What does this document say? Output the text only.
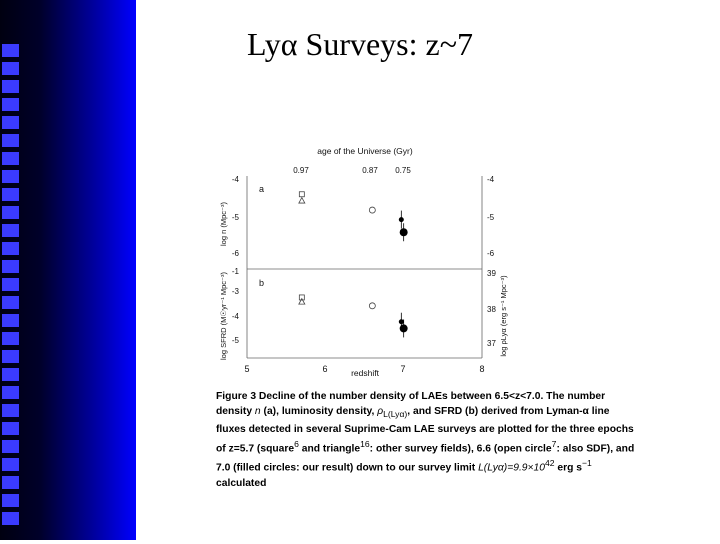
Lyα Surveys: z~7
age of the Universe (Gyr)
0.97	0.87 0.75
-4
-5
-6
-1
-3
-4
-5
-4
-5
-6
39
38
37
log n (Mpc⁻³)
log SFRD (M☉yr⁻¹ Mpc⁻³)	log ρLyα (erg s⁻¹ Mpc⁻³)
a
b
5	6	7	8
redshift
Figure 3 Decline of the number density of LAEs between 6.5<z<7.0. The number density n (a), luminosity density, $\rho_{L(Ly\alpha)}$, and SFRD (b) derived from Lyman-α line fluxes detected in several Suprime-Cam LAE surveys are plotted for the three epochs of z=5.7 (square$^6$ and triangle$^{16}$: other survey fields), 6.6 (open circle$^7$: also SDF), and 7.0 (filled circles: our result) down to our survey limit $L(Ly\alpha)=9.9\times 10^{42}$ erg $s^{-1}$ calculated
